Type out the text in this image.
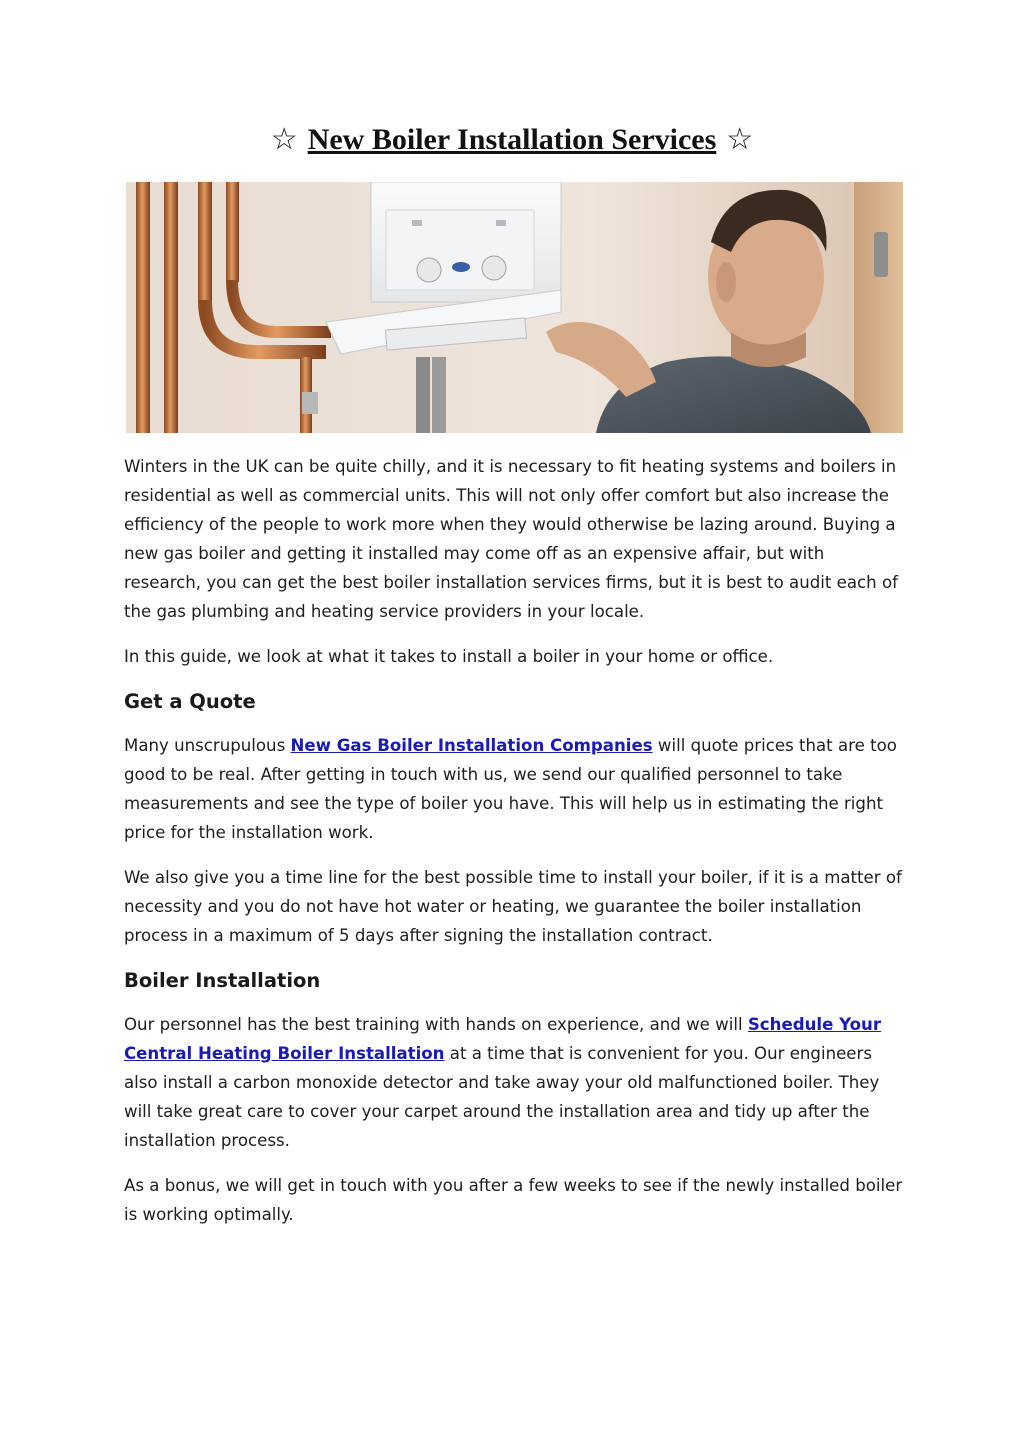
☆ New Boiler Installation Services ☆

Winters in the UK can be quite chilly, and it is necessary to fit heating systems and boilers in residential as well as commercial units. This will not only offer comfort but also increase the efficiency of the people to work more when they would otherwise be lazing around. Buying a new gas boiler and getting it installed may come off as an expensive affair, but with research, you can get the best boiler installation services firms, but it is best to audit each of the gas plumbing and heating service providers in your locale.

In this guide, we look at what it takes to install a boiler in your home or office.

Get a Quote

Many unscrupulous New Gas Boiler Installation Companies will quote prices that are too good to be real. After getting in touch with us, we send our qualified personnel to take measurements and see the type of boiler you have. This will help us in estimating the right price for the installation work.

We also give you a time line for the best possible time to install your boiler, if it is a matter of necessity and you do not have hot water or heating, we guarantee the boiler installation process in a maximum of 5 days after signing the installation contract.

Boiler Installation

Our personnel has the best training with hands on experience, and we will Schedule Your Central Heating Boiler Installation at a time that is convenient for you. Our engineers also install a carbon monoxide detector and take away your old malfunctioned boiler. They will take great care to cover your carpet around the installation area and tidy up after the installation process.

As a bonus, we will get in touch with you after a few weeks to see if the newly installed boiler is working optimally.
